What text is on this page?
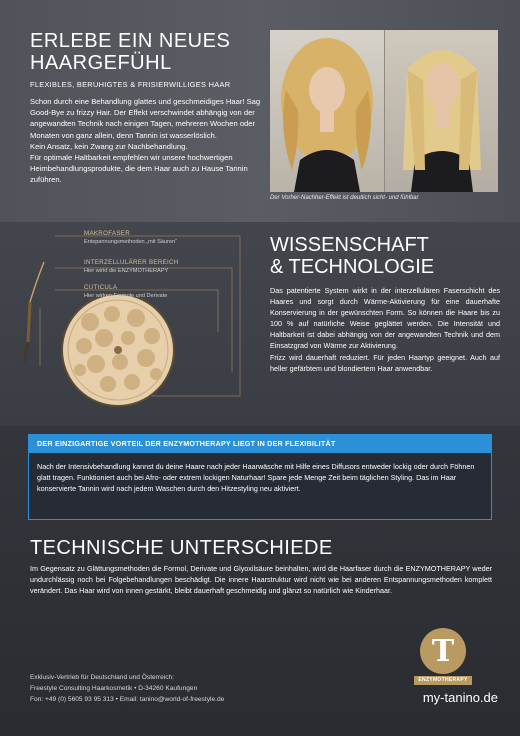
ERLEBE EIN NEUES
HAARGEFÜHL
FLEXIBLES, BERUHIGTES & FRISIERWILLIGES HAAR

Schon durch eine Behandlung glattes und geschmeidiges Haar! Sag Good-Bye zu frizzy Hair. Der Effekt verschwindet abhängig von der angewandten Technik nach einigen Tagen, mehreren Wochen oder Monaten von ganz allein, denn Tannin ist wasserlöslich.

Kein Ansatz, kein Zwang zur Nachbehandlung.

Für optimale Haltbarkeit empfehlen wir unsere hochwertigen Heimbehandlungsprodukte, die dem Haar auch zu Hause Tannin zuführen.

Der Vorher-Nachher-Effekt ist deutlich sicht- und fühlbar
MAKROFASER
Entspannungsmethoden „mit Säuren“
INTERZELLULÄRER BEREICH
Hier wirkt die ENZYMOTHERAPY
CUTICULA
Hier wirken Formole und Derivate
WISSENSCHAFT
& TECHNOLOGIE

Das patentierte System wirkt in der interzellulären Faserschicht des Haares und sorgt durch Wärme-Aktivierung für eine dauerhafte Konservierung in der gewünschten Form. So können die Haare bis zu 100 % auf natürliche Weise geglättet werden. Die Intensität und Haltbarkeit ist dabei abhängig von der angewandten Technik und dem Einsatzgrad von Wärme zur Aktivierung.

Frizz wird dauerhaft reduziert. Für jeden Haartyp geeignet. Auch auf heller gefärbtem und blondiertem Haar anwendbar.

DER EINZIGARTIGE VORTEIL DER ENZYMOTHERAPY LIEGT IN DER FLEXIBILITÄT
Nach der Intensivbehandlung kannst du deine Haare nach jeder Haarwäsche mit Hilfe eines Diffusors entweder lockig oder durch Föhnen glatt tragen. Funktioniert auch bei Afro- oder extrem lockigen Naturhaar! Spare jede Menge Zeit beim täglichen Styling. Das im Haar konservierte Tannin wird nach jedem Waschen durch den Hitzestyling neu aktiviert.
TECHNISCHE UNTERSCHIEDE
Im Gegensatz zu Glättungsmethoden die Formol, Derivate und Glyoxilsäure beinhalten, wird die Haarfaser durch die ENZYMOTHERAPY weder undurchlässig noch bei Folgebehandlungen beschädigt. Die innere Haarstruktur wird nicht wie bei anderen Entspannungsmethoden komplett verändert. Das Haar wird von innen gestärkt, bleibt dauerhaft geschmeidig und glänzt so natürlich wie Kinderhaar.
Exklusiv-Vertrieb für Deutschland und Österreich:
Freestyle Consulting Haarkosmetik • D-34260 Kaufungen
Fon: +49 (0) 5605 93 95 313 • Email: tanino@world-of-freestyle.de
T
ENZYMOTHERAPY
my-tanino.de
